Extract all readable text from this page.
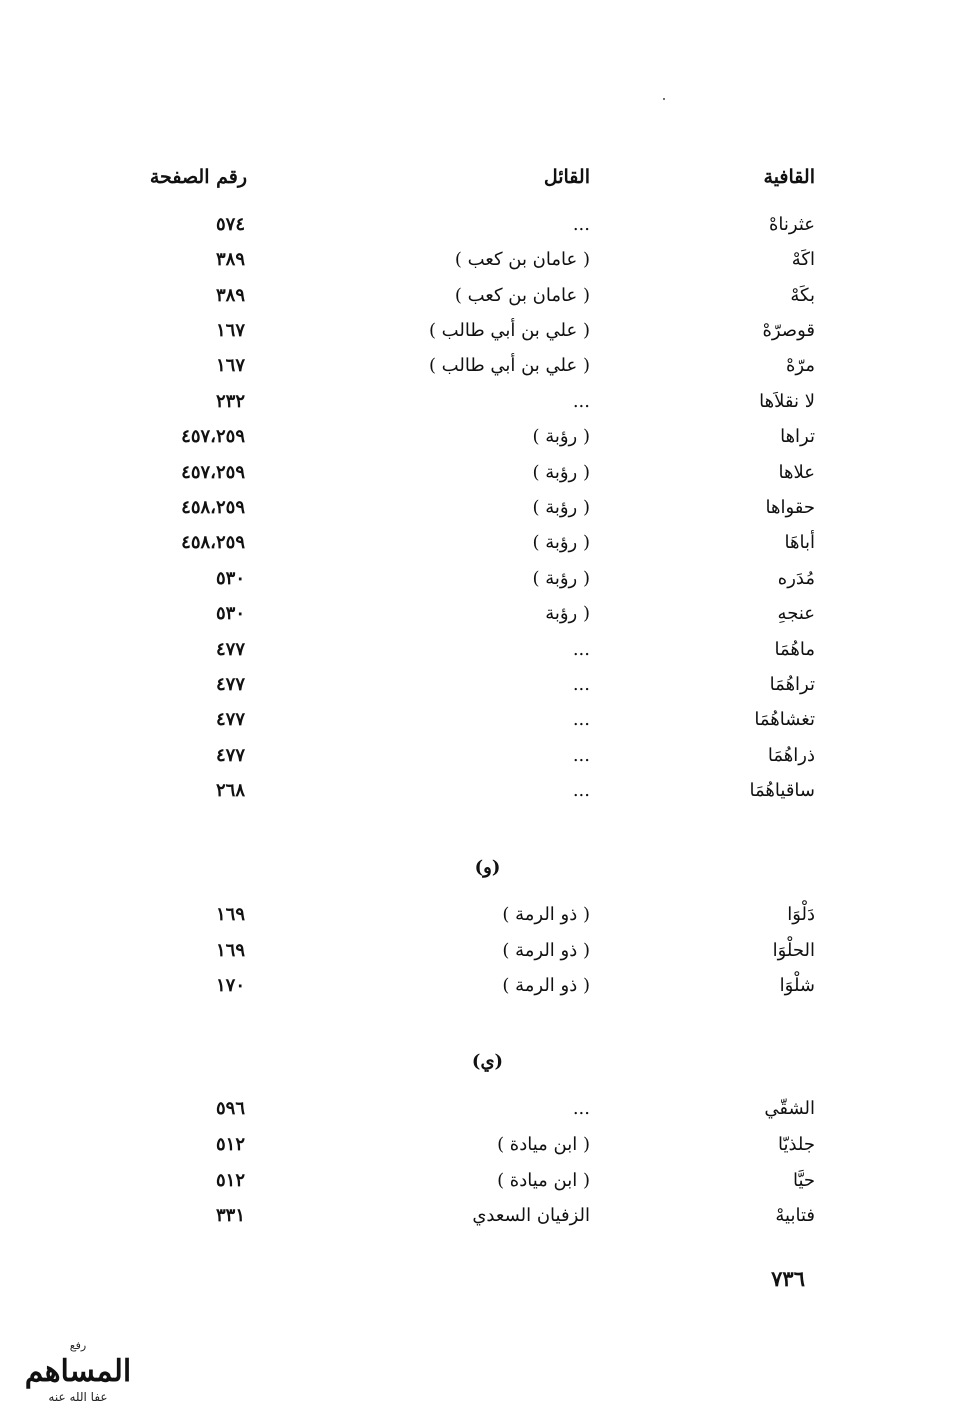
القافية
القائل
رقم الصفحة
عثرناهْ
...
٥٧٤
اكَهْ
( عامان بن كعب )
٣٨٩
بكَهْ
( عامان بن كعب )
٣٨٩
قوصرّهْ
( علي بن أبي طالب )
١٦٧
مرّهْ
( علي بن أبي طالب )
١٦٧
لا نقلاَها
...
٢٣٢
تراها
( رؤبة )
٤٥٧،٢٥٩
علاها
( رؤبة )
٤٥٧،٢٥٩
حقواها
( رؤبة )
٤٥٨،٢٥٩
أباهَا
( رؤبة )
٤٥٨،٢٥٩
مُدَره
( رؤبة )
٥٣٠
عنجهِ
( رؤبة
٥٣٠
ماهُمَا
...
٤٧٧
تراهُمَا
...
٤٧٧
تغشاهُمَا
...
٤٧٧
ذراهُمَا
...
٤٧٧
ساقياهُمَا
...
٢٦٨
(و)
دَلْوَا
( ذو الرمة )
١٦٩
الحلْوَا
( ذو الرمة )
١٦٩
شلْوَا
( ذو الرمة )
١٧٠
(ي)
الشقّي
...
٥٩٦
جلذيّا
( ابن ميادة )
٥١٢
حيَّا
( ابن ميادة )
٥١٢
فتابيهْ
الزفيان السعدي
٣٣١
٧٣٦
رفع
المساهم
عفا الله عنه
